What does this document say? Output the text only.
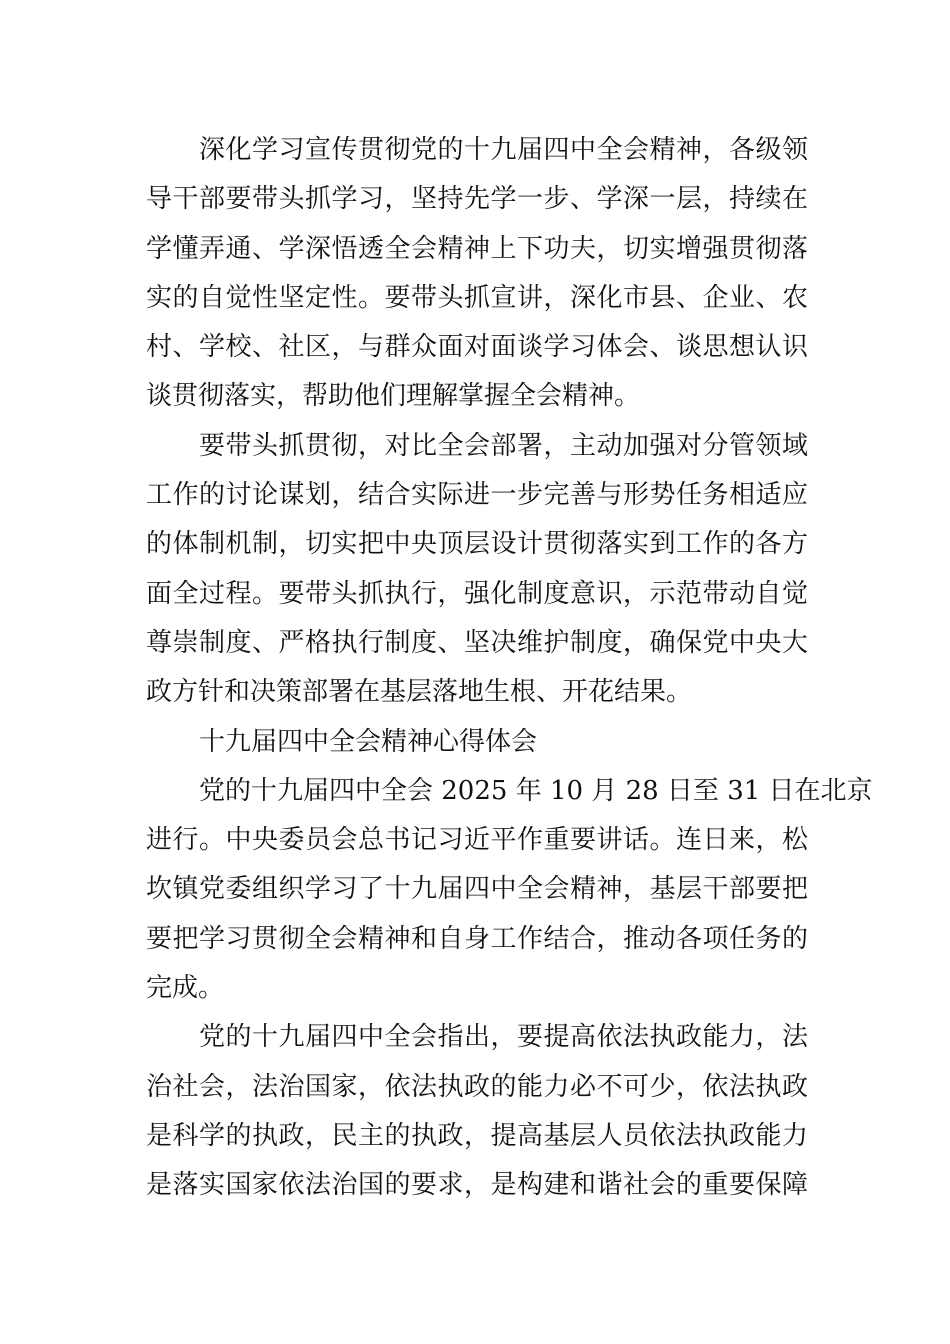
深化学习宣传贯彻党的十九届四中全会精神，各级领
导干部要带头抓学习，坚持先学一步、学深一层，持续在
学懂弄通、学深悟透全会精神上下功夫，切实增强贯彻落
实的自觉性坚定性。要带头抓宣讲，深化市县、企业、农
村、学校、社区，与群众面对面谈学习体会、谈思想认识
谈贯彻落实，帮助他们理解掌握全会精神。
要带头抓贯彻，对比全会部署，主动加强对分管领域
工作的讨论谋划，结合实际进一步完善与形势任务相适应
的体制机制，切实把中央顶层设计贯彻落实到工作的各方
面全过程。要带头抓执行，强化制度意识，示范带动自觉
尊崇制度、严格执行制度、坚决维护制度，确保党中央大
政方针和决策部署在基层落地生根、开花结果。
十九届四中全会精神心得体会
党的十九届四中全会 2025 年 10 月 28 日至 31 日在北京
进行。中央委员会总书记习近平作重要讲话。连日来，松
坎镇党委组织学习了十九届四中全会精神，基层干部要把
要把学习贯彻全会精神和自身工作结合，推动各项任务的
完成。
党的十九届四中全会指出，要提高依法执政能力，法
治社会，法治国家，依法执政的能力必不可少，依法执政
是科学的执政，民主的执政，提高基层人员依法执政能力
是落实国家依法治国的要求，是构建和谐社会的重要保障
